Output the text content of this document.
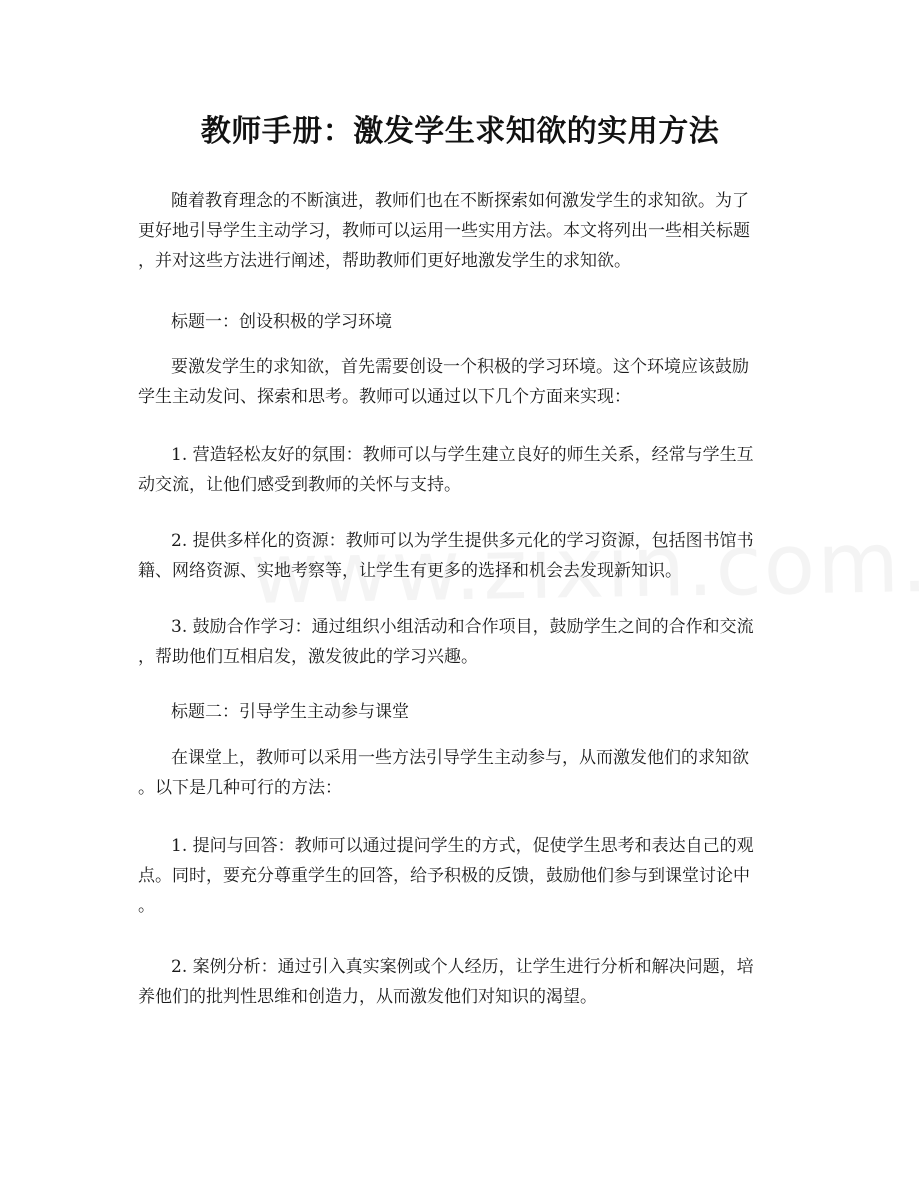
教师手册：激发学生求知欲的实用方法
随着教育理念的不断演进，教师们也在不断探索如何激发学生的求知欲。为了
更好地引导学生主动学习，教师可以运用一些实用方法。本文将列出一些相关标题
，并对这些方法进行阐述，帮助教师们更好地激发学生的求知欲。
标题一：创设积极的学习环境
要激发学生的求知欲，首先需要创设一个积极的学习环境。这个环境应该鼓励
学生主动发问、探索和思考。教师可以通过以下几个方面来实现：
1. 营造轻松友好的氛围：教师可以与学生建立良好的师生关系，经常与学生互
动交流，让他们感受到教师的关怀与支持。
2. 提供多样化的资源：教师可以为学生提供多元化的学习资源，包括图书馆书
籍、网络资源、实地考察等，让学生有更多的选择和机会去发现新知识。
3. 鼓励合作学习：通过组织小组活动和合作项目，鼓励学生之间的合作和交流
，帮助他们互相启发，激发彼此的学习兴趣。
标题二：引导学生主动参与课堂
在课堂上，教师可以采用一些方法引导学生主动参与，从而激发他们的求知欲
。以下是几种可行的方法：
1. 提问与回答：教师可以通过提问学生的方式，促使学生思考和表达自己的观
点。同时，要充分尊重学生的回答，给予积极的反馈，鼓励他们参与到课堂讨论中
。
2. 案例分析：通过引入真实案例或个人经历，让学生进行分析和解决问题，培
养他们的批判性思维和创造力，从而激发他们对知识的渴望。
